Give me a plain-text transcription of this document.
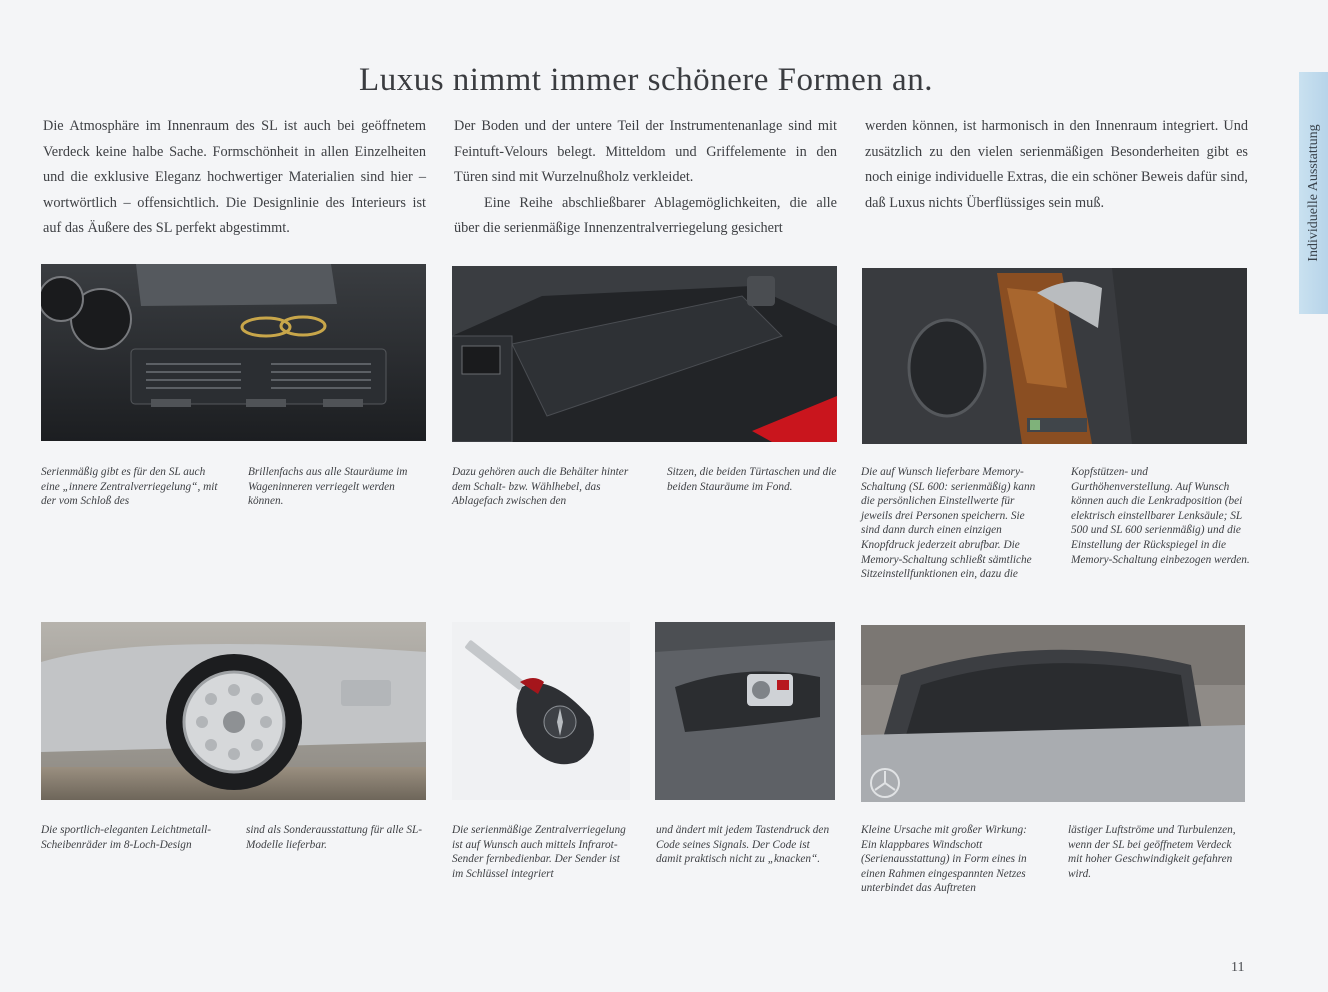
Luxus nimmt immer schönere Formen an.

Die Atmosphäre im Innenraum des SL ist auch bei geöffnetem Verdeck keine halbe Sache. Formschönheit in allen Einzelheiten und die exklusive Eleganz hochwertiger Materialien sind hier – wortwörtlich – offensichtlich. Die Designlinie des Interieurs ist auf das Äußere des SL perfekt abgestimmt.

Der Boden und der untere Teil der Instrumentenanlage sind mit Feintuft-Velours belegt. Mitteldom und Griffelemente in den Türen sind mit Wurzelnußholz verkleidet.

Eine Reihe abschließbarer Ablagemöglichkeiten, die alle über die serienmäßige Innenzentralverriegelung gesichert

werden können, ist harmonisch in den Innenraum integriert. Und zusätzlich zu den vielen serienmäßigen Besonderheiten gibt es noch einige individuelle Extras, die ein schöner Beweis dafür sind, daß Luxus nichts Überflüssiges sein muß.	Individuelle Ausstattung

Serienmäßig gibt es für den SL auch eine „innere Zentralverriegelung“, mit der vom Schloß des

Brillenfachs aus alle Stauräume im Wageninneren verriegelt werden können.

Dazu gehören auch die Behälter hinter dem Schalt- bzw. Wählhebel, das Ablagefach zwischen den

Sitzen, die beiden Türtaschen und die beiden Stauräume im Fond.

Die auf Wunsch lieferbare Memory-Schaltung (SL 600: serienmäßig) kann die persönlichen Einstellwerte für jeweils drei Personen speichern. Sie sind dann durch einen einzigen Knopfdruck jederzeit abrufbar. Die Memory-Schaltung schließt sämtliche Sitzeinstellfunktionen ein, dazu die

Kopfstützen- und Gurthöhenverstellung. Auf Wunsch können auch die Lenkradposition (bei elektrisch einstellbarer Lenksäule; SL 500 und SL 600 serienmäßig) und die Einstellung der Rückspiegel in die Memory-Schaltung einbezogen werden.

Die sportlich-eleganten Leichtmetall-Scheibenräder im 8-Loch-Design

sind als Sonderausstattung für alle SL-Modelle lieferbar.

Die serienmäßige Zentralverriegelung ist auf Wunsch auch mittels Infrarot-Sender fernbedienbar. Der Sender ist im Schlüssel integriert

und ändert mit jedem Tastendruck den Code seines Signals. Der Code ist damit praktisch nicht zu „knacken“.

Kleine Ursache mit großer Wirkung: Ein klappbares Windschott (Serienausstattung) in Form eines in einen Rahmen eingespannten Netzes unterbindet das Auftreten

lästiger Luftströme und Turbulenzen, wenn der SL bei geöffnetem Verdeck mit hoher Geschwindigkeit gefahren wird.

11
